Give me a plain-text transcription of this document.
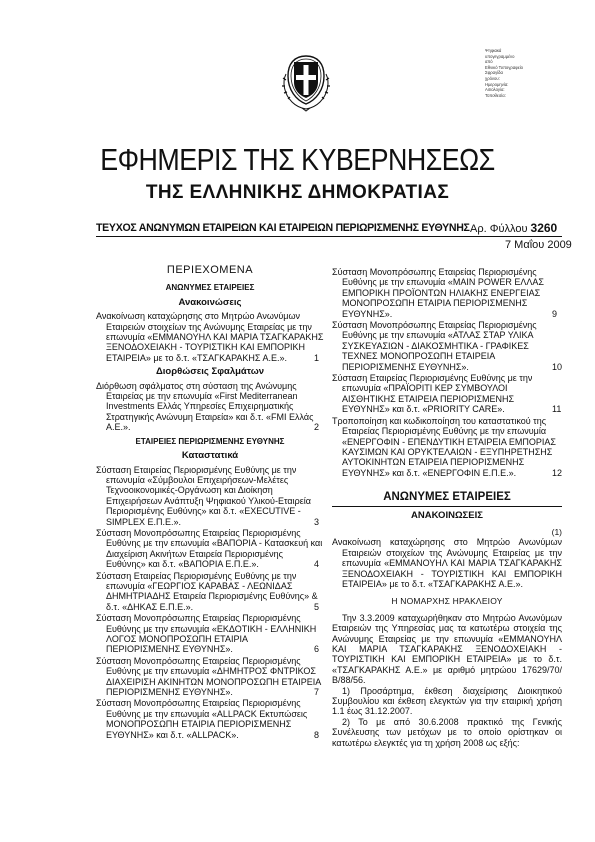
Ψηφιακά
υπογεγραμμένο
από
Εθνικό Τυπογραφείο
Σφραγίδα
χρόνου:
Ημερομηνία:
Αιτιολογία:
Τοποθεσία:
ΕΦΗΜΕΡΙΣ ΤΗΣ ΚΥΒΕΡΝΗΣΕΩΣ
ΤΗΣ ΕΛΛΗΝΙΚΗΣ ΔΗΜΟΚΡΑΤΙΑΣ
ΤΕΥΧΟΣ ΑΝΩΝΥΜΩΝ ΕΤΑΙΡΕΙΩΝ ΚΑΙ ΕΤΑΙΡΕΙΩΝ ΠΕΡΙΩΡΙΣΜΕΝΗΣ ΕΥΘΥΝΗΣ Αρ. Φύλλου 3260
7 Μαΐου 2009
ΠΕΡΙΕΧΟΜΕΝΑ
ΑΝΩΝΥΜΕΣ ΕΤΑΙΡΕΙΕΣ
Ανακοινώσεις
Ανακοίνωση καταχώρησης στο Μητρώο Ανωνύμων Εταιρειών στοιχείων της Ανώνυμης Εταιρείας με την επωνυμία «ΕΜΜΑΝΟΥΗΛ ΚΑΙ ΜΑΡΙΑ ΤΣΑΓΚΑΡΑΚΗΣ ΞΕΝΟΔΟΧΕΙΑΚΗ - ΤΟΥΡΙΣΤΙΚΗ ΚΑΙ ΕΜΠΟΡΙΚΗ ΕΤΑΙΡΕΙΑ» με το δ.τ. «ΤΣΑΓΚΑΡΑΚΗΣ Α.Ε.».	1
Διορθώσεις Σφαλμάτων
Διόρθωση σφάλματος στη σύσταση της Ανώνυμης Εταιρείας με την επωνυμία «First Mediterranean Investments Ελλάς Υπηρεσίες Επιχειρηματικής Στρατηγικής Ανώνυμη Εταιρεία» και δ.τ. «FMI Ελλάς Α.Ε.».	2
ΕΤΑΙΡΕΙΕΣ ΠΕΡΙΩΡΙΣΜΕΝΗΣ ΕΥΘΥΝΗΣ
Καταστατικά
Σύσταση Εταιρείας Περιορισμένης Ευθύνης με την επωνυμία «Σύμβουλοι Επιχειρήσεων-Μελέτες Τεχνοοικονομικές-Οργάνωση και Διοίκηση Επιχειρήσεων Ανάπτυξη Ψηφιακού Υλικού-Εταιρεία Περιορισμένης Ευθύνης» και δ.τ. «EXECUTIVE - SIMPLEX Ε.Π.Ε.».	3
Σύσταση Μονοπρόσωπης Εταιρείας Περιορισμένης Ευθύνης με την επωνυμία «ΒΑΠΟΡΙΑ - Κατασκευή και Διαχείριση Ακινήτων Εταιρεία Περιορισμένης Ευθύνης» και δ.τ. «ΒΑΠΟΡΙΑ Ε.Π.Ε.».	4
Σύσταση Εταιρείας Περιορισμένης Ευθύνης με την επωνυμία «ΓΕΩΡΓΙΟΣ ΚΑΡΑΒΑΣ - ΛΕΩΝΙΔΑΣ ΔΗΜΗΤΡΙΑΔΗΣ Εταιρεία Περιορισμένης Ευθύνης» & δ.τ. «ΔΗΚΑΣ Ε.Π.Ε.».	5
Σύσταση Μονοπρόσωπης Εταιρείας Περιορισμένης Ευθύνης με την επωνυμία «ΕΚΔΟΤΙΚΗ - ΕΛΛΗΝΙΚΗ ΛΟΓΟΣ ΜΟΝΟΠΡΟΣΩΠΗ ΕΤΑΙΡΙΑ ΠΕΡΙΟΡΙΣΜΕΝΗΣ ΕΥΘΥΝΗΣ».	6
Σύσταση Μονοπρόσωπης Εταιρείας Περιορισμένης Ευθύνης με την επωνυμία «ΔΗΜΗΤΡΟΣ ΦΝΤΡΙΚΟΣ ΔΙΑΧΕΙΡΙΣΗ ΑΚΙΝΗΤΩΝ ΜΟΝΟΠΡΟΣΩΠΗ ΕΤΑΙΡΕΙΑ ΠΕΡΙΟΡΙΣΜΕΝΗΣ ΕΥΘΥΝΗΣ».	7
Σύσταση Μονοπρόσωπης Εταιρείας Περιορισμένης Ευθύνης με την επωνυμία «ALLPACK Εκτυπώσεις ΜΟΝΟΠΡΟΣΩΠΗ ΕΤΑΙΡΙΑ ΠΕΡΙΟΡΙΣΜΕΝΗΣ ΕΥΘΥΝΗΣ» και δ.τ. «ALLPACK».	8
Σύσταση Μονοπρόσωπης Εταιρείας Περιορισμένης Ευθύνης με την επωνυμία «MAIN POWER ΕΛΛΑΣ ΕΜΠΟΡΙΚΗ ΠΡΟΪΟΝΤΩΝ ΗΛΙΑΚΗΣ ΕΝΕΡΓΕΙΑΣ ΜΟΝΟΠΡΟΣΩΠΗ ΕΤΑΙΡΙΑ ΠΕΡΙΟΡΙΣΜΕΝΗΣ ΕΥΘΥΝΗΣ».	9
Σύσταση Μονοπρόσωπης Εταιρείας Περιορισμένης Ευθύνης με την επωνυμία «ΑΤΛΑΣ ΣΤΑΡ ΥΛΙΚΑ ΣΥΣΚΕΥΑΣΙΩΝ - ΔΙΑΚΟΣΜΗΤΙΚΑ - ΓΡΑΦΙΚΕΣ ΤΕΧΝΕΣ ΜΟΝΟΠΡΟΣΩΠΗ ΕΤΑΙΡΕΙΑ ΠΕΡΙΟΡΙΣΜΕΝΗΣ ΕΥΘΥΝΗΣ».	10
Σύσταση Εταιρείας Περιορισμένης Ευθύνης με την επωνυμία «ΠΡΑΪΟΡΙΤΙ ΚΕΡ ΣΥΜΒΟΥΛΟΙ ΑΙΣΘΗΤΙΚΗΣ ΕΤΑΙΡΕΙΑ ΠΕΡΙΟΡΙΣΜΕΝΗΣ ΕΥΘΥΝΗΣ» και δ.τ. «PRIORITY CARE».	11
Τροποποίηση και κωδικοποίηση του καταστατικού της Εταιρείας Περιορισμένης Ευθύνης με την επωνυμία «ΕΝΕΡΓΟΦΙΝ - ΕΠΕΝΔΥΤΙΚΗ ΕΤΑΙΡΕΙΑ ΕΜΠΟΡΙΑΣ ΚΑΥΣΙΜΩΝ ΚΑΙ ΟΡΥΚΤΕΛΑΙΩΝ - ΕΞΥΠΗΡΕΤΗΣΗΣ ΑΥΤΟΚΙΝΗΤΩΝ ΕΤΑΙΡΕΙΑ ΠΕΡΙΟΡΙΣΜΕΝΗΣ ΕΥΘΥΝΗΣ» και δ.τ. «ΕΝΕΡΓΟΦΙΝ Ε.Π.Ε.».	12
ΑΝΩΝΥΜΕΣ ΕΤΑΙΡΕΙΕΣ
ΑΝΑΚΟΙΝΩΣΕΙΣ
(1)

Ανακοίνωση καταχώρησης στο Μητρώο Ανωνύμων Εταιρειών στοιχείων της Ανώνυμης Εταιρείας με την επωνυμία «ΕΜΜΑΝΟΥΗΛ ΚΑΙ ΜΑΡΙΑ ΤΣΑΓΚΑΡΑΚΗΣ ΞΕΝΟΔΟΧΕΙΑΚΗ - ΤΟΥΡΙΣΤΙΚΗ ΚΑΙ ΕΜΠΟΡΙΚΗ ΕΤΑΙΡΕΙΑ» με το δ.τ. «ΤΣΑΓΚΑΡΑΚΗΣ Α.Ε.».

Η ΝΟΜΑΡΧΗΣ ΗΡΑΚΛΕΙΟΥ

Την 3.3.2009 καταχωρήθηκαν στο Μητρώο Ανωνύμων Εταιρειών της Υπηρεσίας μας τα κατωτέρω στοιχεία της Ανώνυμης Εταιρείας με την επωνυμία «ΕΜΜΑΝΟΥΗΛ ΚΑΙ ΜΑΡΙΑ ΤΣΑΓΚΑΡΑΚΗΣ ΞΕΝΟΔΟΧΕΙΑΚΗ - ΤΟΥΡΙΣΤΙΚΗ ΚΑΙ ΕΜΠΟΡΙΚΗ ΕΤΑΙΡΕΙΑ» με το δ.τ. «ΤΣΑΓΚΑΡΑΚΗΣ Α.Ε.» με αριθμό μητρώου 17629/70/Β/88/56.

1) Προσάρτημα, έκθεση διαχείρισης Διοικητικού Συμβουλίου και έκθεση ελεγκτών για την εταιρική χρήση 1.1 έως 31.12.2007.

2) Το με από 30.6.2008 πρακτικό της Γενικής Συνέλευσης των μετόχων με το οποίο ορίστηκαν οι κατωτέρω ελεγκτές για τη χρήση 2008 ως εξής:
